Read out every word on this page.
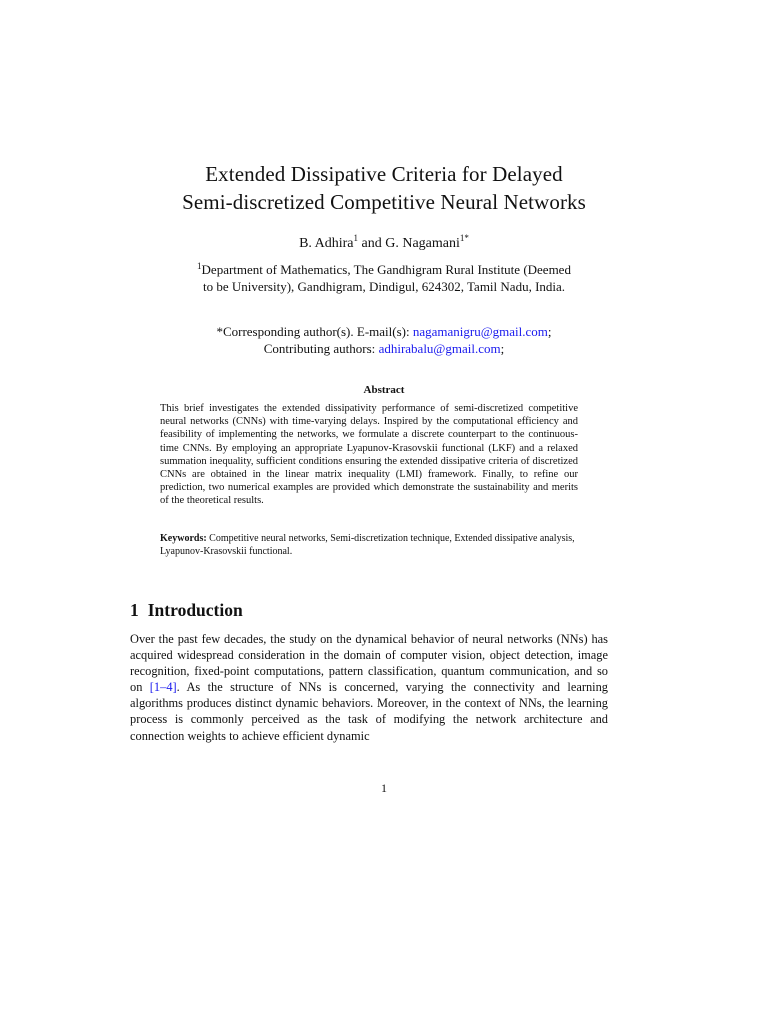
Extended Dissipative Criteria for Delayed
Semi-discretized Competitive Neural Networks
B. Adhira$^1$ and G. Nagamani$^{1*}$
$^1$Department of Mathematics, The Gandhigram Rural Institute (Deemed
to be University), Gandhigram, Dindigul, 624302, Tamil Nadu, India.
*Corresponding author(s). E-mail(s): nagamanigru@gmail.com;
Contributing authors: adhirabalu@gmail.com;
Abstract
This brief investigates the extended dissipativity performance of semi-discretized competitive neural networks (CNNs) with time-varying delays. Inspired by the computational efficiency and feasibility of implementing the networks, we formulate a discrete counterpart to the continuous-time CNNs. By employing an appropriate Lyapunov-Krasovskii functional (LKF) and a relaxed summation inequality, sufficient conditions ensuring the extended dissipative criteria of discretized CNNs are obtained in the linear matrix inequality (LMI) framework. Finally, to refine our prediction, two numerical examples are provided which demonstrate the sustainability and merits of the theoretical results.
Keywords: Competitive neural networks, Semi-discretization technique, Extended dissipative analysis, Lyapunov-Krasovskii functional.
1 Introduction
Over the past few decades, the study on the dynamical behavior of neural networks (NNs) has acquired widespread consideration in the domain of computer vision, object detection, image recognition, fixed-point computations, pattern classification, quantum communication, and so on [1–4]. As the structure of NNs is concerned, varying the connectivity and learning algorithms produces distinct dynamic behaviors. Moreover, in the context of NNs, the learning process is commonly perceived as the task of modifying the network architecture and connection weights to achieve efficient dynamic
1
